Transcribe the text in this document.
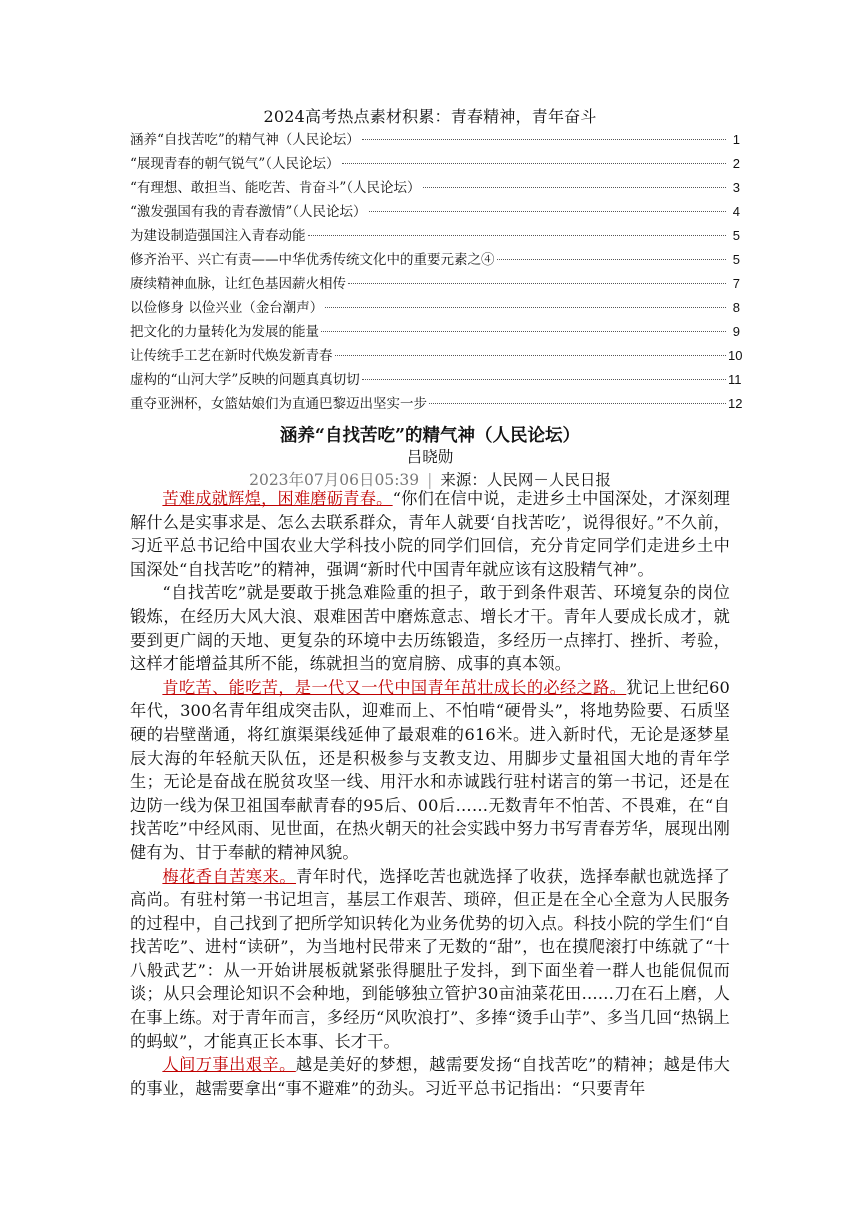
2024高考热点素材积累：青春精神，青年奋斗
涵养“自找苦吃”的精气神（人民论坛）	1
“展现青春的朝气锐气”（人民论坛）	2
“有理想、敢担当、能吃苦、肯奋斗”（人民论坛）	3
“激发强国有我的青春激情”（人民论坛）	4
为建设制造强国注入青春动能	5
修齐治平、兴亡有责——中华优秀传统文化中的重要元素之④	5
赓续精神血脉，让红色基因薪火相传	7
以俭修身 以俭兴业（金台潮声）	8
把文化的力量转化为发展的能量	9
让传统手工艺在新时代焕发新青春	10
虚构的“山河大学”反映的问题真真切切	11
重夺亚洲杯，女篮姑娘们为直通巴黎迈出坚实一步	12
涵养“自找苦吃”的精气神（人民论坛）
吕晓勋
2023年07月06日05:39 | 来源：人民网－人民日报

苦难成就辉煌，困难磨砺青春。“你们在信中说，走进乡土中国深处，才深刻理解什么是实事求是、怎么去联系群众，青年人就要‘自找苦吃’，说得很好。”不久前，习近平总书记给中国农业大学科技小院的同学们回信，充分肯定同学们走进乡土中国深处“自找苦吃”的精神，强调“新时代中国青年就应该有这股精气神”。

“自找苦吃”就是要敢于挑急难险重的担子，敢于到条件艰苦、环境复杂的岗位锻炼，在经历大风大浪、艰难困苦中磨炼意志、增长才干。青年人要成长成才，就要到更广阔的天地、更复杂的环境中去历练锻造，多经历一点摔打、挫折、考验，这样才能增益其所不能，练就担当的宽肩膀、成事的真本领。

肯吃苦、能吃苦，是一代又一代中国青年茁壮成长的必经之路。犹记上世纪60年代，300名青年组成突击队，迎难而上、不怕啃“硬骨头”，将地势险要、石质坚硬的岩壁凿通，将红旗渠渠线延伸了最艰难的616米。进入新时代，无论是逐梦星辰大海的年轻航天队伍，还是积极参与支教支边、用脚步丈量祖国大地的青年学生；无论是奋战在脱贫攻坚一线、用汗水和赤诚践行驻村诺言的第一书记，还是在边防一线为保卫祖国奉献青春的95后、00后……无数青年不怕苦、不畏难，在“自找苦吃”中经风雨、见世面，在热火朝天的社会实践中努力书写青春芳华，展现出刚健有为、甘于奉献的精神风貌。

梅花香自苦寒来。青年时代，选择吃苦也就选择了收获，选择奉献也就选择了高尚。有驻村第一书记坦言，基层工作艰苦、琐碎，但正是在全心全意为人民服务的过程中，自己找到了把所学知识转化为业务优势的切入点。科技小院的学生们“自找苦吃”、进村“读研”，为当地村民带来了无数的“甜”，也在摸爬滚打中练就了“十八般武艺”：从一开始讲展板就紧张得腿肚子发抖，到下面坐着一群人也能侃侃而谈；从只会理论知识不会种地，到能够独立管护30亩油菜花田……刀在石上磨，人在事上练。对于青年而言，多经历“风吹浪打”、多捧“烫手山芋”、多当几回“热锅上的蚂蚁”，才能真正长本事、长才干。

人间万事出艰辛。越是美好的梦想，越需要发扬“自找苦吃”的精神；越是伟大的事业，越需要拿出“事不避难”的劲头。习近平总书记指出：“只要青年
